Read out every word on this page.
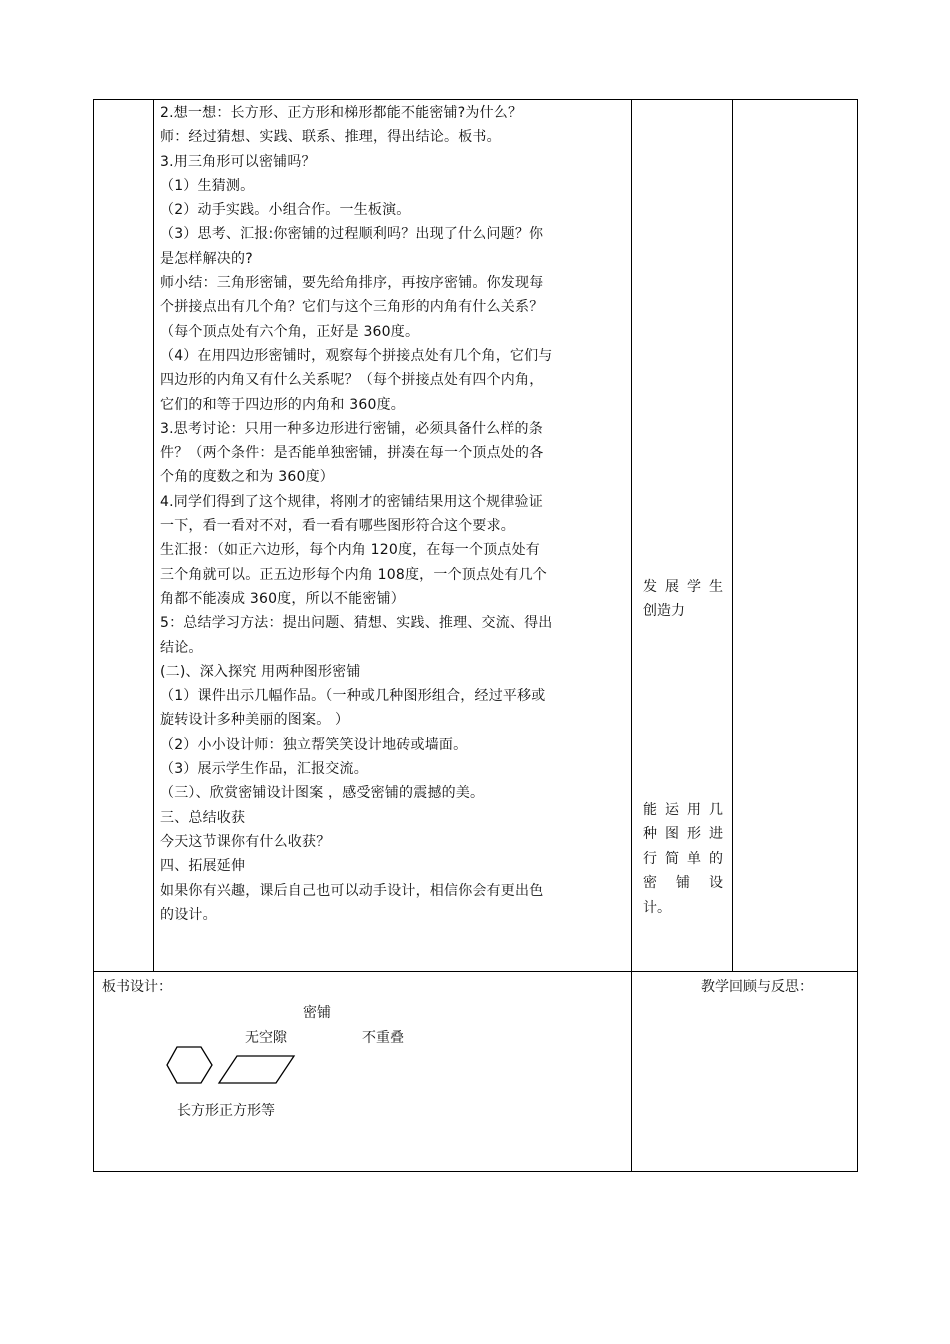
2.想一想：长方形、正方形和梯形都能不能密铺?为什么？

师：经过猜想、实践、联系、推理，得出结论。板书。

3.用三角形可以密铺吗？

（1）生猜测。

（2）动手实践。小组合作。一生板演。

（3）思考、汇报:你密铺的过程顺利吗？出现了什么问题？你

是怎样解决的?

师小结：三角形密铺，要先给角排序，再按序密铺。你发现每

个拼接点出有几个角？它们与这个三角形的内角有什么关系？

（每个顶点处有六个角，正好是 360度。

（4）在用四边形密铺时，观察每个拼接点处有几个角，它们与

四边形的内角又有什么关系呢？（每个拼接点处有四个内角，

它们的和等于四边形的内角和 360度。

3.思考讨论：只用一种多边形进行密铺，必须具备什么样的条

件？（两个条件：是否能单独密铺，拼凑在每一个顶点处的各

个角的度数之和为 360度）

4.同学们得到了这个规律，将刚才的密铺结果用这个规律验证

一下，看一看对不对，看一看有哪些图形符合这个要求。

生汇报：（如正六边形，每个内角 120度，在每一个顶点处有

三个角就可以。正五边形每个内角 108度，一个顶点处有几个

角都不能凑成 360度，所以不能密铺）

5：总结学习方法：提出问题、猜想、实践、推理、交流、得出

结论。

(二)、深入探究 用两种图形密铺

（1）课件出示几幅作品。（一种或几种图形组合，经过平移或

旋转设计多种美丽的图案。 ）

（2）小小设计师：独立帮笑笑设计地砖或墙面。

（3）展示学生作品，汇报交流。

（三）、欣赏密铺设计图案 ，感受密铺的震撼的美。

三、总结收获

今天这节课你有什么收获？

四、拓展延伸

如果你有兴趣，课后自己也可以动手设计，相信你会有更出色

的设计。

发 展 学 生

创造力

能 运 用 几

种 图 形 进

行 简 单 的

密 铺 设

计。

板书设计：
密铺
无空隙	不重叠
长方形正方形等
教学回顾与反思：
